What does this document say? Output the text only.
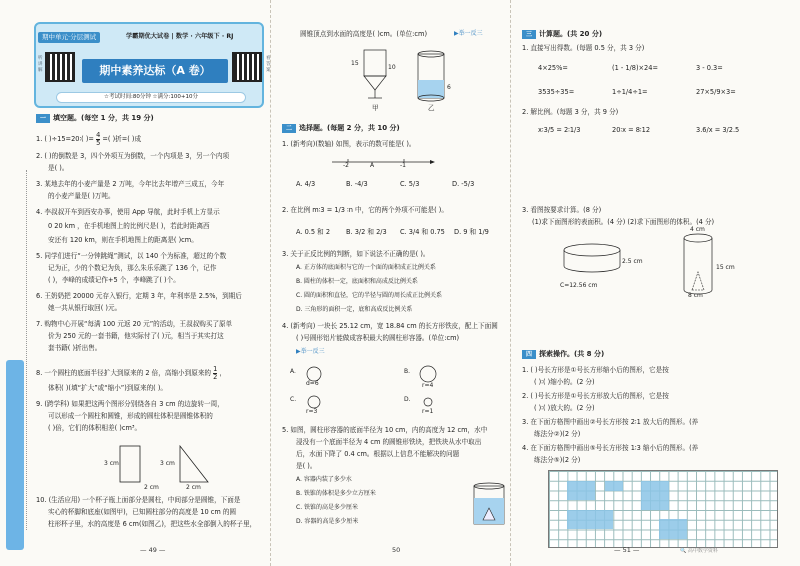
期中单元·分层测试	学霸期优大试卷 | 数学 · 六年级下 · RJ
听 讲 解
看 答 案
期中素养达标（A 卷）
☆考试时间:80分钟 ☆满分:100+10分
一	填空题。(每空 1 分，共 19 分)
1. ( )÷15=20∶( )= $\frac{4}{5}$ =( )折=( )成
2. ( )的倒数是 3，四个外项互为倒数，一个内项是 3，另一个内项
是( )。
3. 某地去年的小麦产量是 2 万吨，今年比去年增产三成五，今年
的小麦产量是( )万吨。
4. 李叔叔开车到西安办事，使用 App 导航，此时手机上方显示
0 20 km ，在手机地图上的比例尺是( )，若此时距离西
安还有 120 km，则在手机地图上的距离是( )cm。
5. 同学们进行“一分钟跳绳”测试，以 140 个为标准，超过的个数
记为正，少的个数记为负，那么朱乐乐跳了 136 个，记作
( )，李峰的成绩记作+5 个，李峰跳了( )个。
6. 王奶奶把 20000 元存入银行，定期 3 年，年利率是 2.5%，到期后
她一共从银行取回( )元。
7. 购物中心开展“每满 100 元返 20 元”的活动，王叔叔购买了原单
价为 250 元的一套书籍，他实际付了( )元，相当于其实打这
套书籍( )折出售。
8. 一个圆柱的底面半径扩大到原来的 2 倍，高缩小到原来的 $\frac{1}{2}$ ，
体积( )(填“扩大”或“缩小”)到原来的( )。
9. (跨学科) 如果把这两个图形分别绕各自 3 cm 的边旋转一周，
可以形成一个圆柱和圆锥，形成的圆柱体积是圆锥体积的
( )倍，它们的体积相差( )cm³。
3 cm
2 cm
3 cm
2 cm
10. (生活应用) 一个杯子瓶上面部分是圆柱，中间部分是圆锥，下面是
实心的杯脚和底座(如图甲)，已知圆柱部分的高度是 10 cm 的圆
柱形杯子里，水的高度是 6 cm(如图乙)，把这些水全部倒入的杯子里，
— 49 —
圆锥顶点到水面的高度是( )cm。(单位:cm)	▶举一反三
15
10
6
甲	乙
二	选择题。(每题 2 分，共 10 分)
1. (新考向)(数轴) 如图，表示的数可能是( )。
-2	A	-1
A. 4/3	B. -4/3	C. 5/3	D. -5/3
2. 在比例 m∶3 = 1/3 ∶n 中，它的两个外项不可能是( )。
A. 0.5 和 2 B. 3/2 和 2/3 C. 3/4 和 0.75 D. 9 和 1/9
3. 关于正反比例的判断，如下说法不正确的是( )。
A. 正方体的底面积与它的一个面的面积成正比例关系
B. 圆柱的体积一定，底面积和高成反比例关系
C. 圆的面积和直径，它的半径与圆的周长成正比例关系
D. 三角形的面积一定，底和高成反比例关系
4. (新考向) 一块长 25.12 cm，宽 18.84 cm 的长方形铁皮，配上下面圆
( )号圆形铝片能做成容积最大的圆柱形容器。(单位:cm)
▶举一反三
A.	B.
C.	D.
d=6	r=4
r=3	r=1
5. 如图，圆柱形容器的底面半径为 10 cm，内的高度为 12 cm，水中
浸没有一个底面半径为 4 cm 的圆锥形铁块，把铁块从水中取出
后，水面下降了 0.4 cm。根据以上信息不能解决的问题
是( )。
A. 容器内装了多少水
B. 铁锥的体积是多少立方厘米
C. 铁锥的高是多少厘米
D. 容器的高是多少厘米
50
三	计算题。(共 20 分)
1. 直接写出得数。(每题 0.5 分，共 3 分)
4×25%=	(1 - 1/8)×24=	3 - 0.3=
3535÷35=	1÷1/4÷1=	27×5/9×3=
2. 解比例。(每题 3 分，共 9 分)
x∶3/5 = 2∶1/3	20∶x = 8∶12	3.6/x = 3/2.5
3. 看图按要求计算。(8 分)
(1)求下面图形的表面积。(4 分) (2)求下面图形的体积。(4 分)
C=12.56 cm
2.5 cm
4 cm
15 cm
8 cm
四	探索操作。(共 8 分)
1. ( )号长方形是①号长方形缩小后的图形，它是按
( )∶( )缩小的。(2 分)
2. ( )号长方形是①号长方形放大后的图形，它是按
( )∶( )放大的。(2 分)
3. 在下面方格图中画出②号长方形按 2∶1 放大后的图形。(养
练法分②)(2 分)
4. 在下面方格图中画出⑤号长方形按 1∶3 缩小后的图形。(养
练法分⑤)(2 分)
— 51 —	🔍 高中数学资料
